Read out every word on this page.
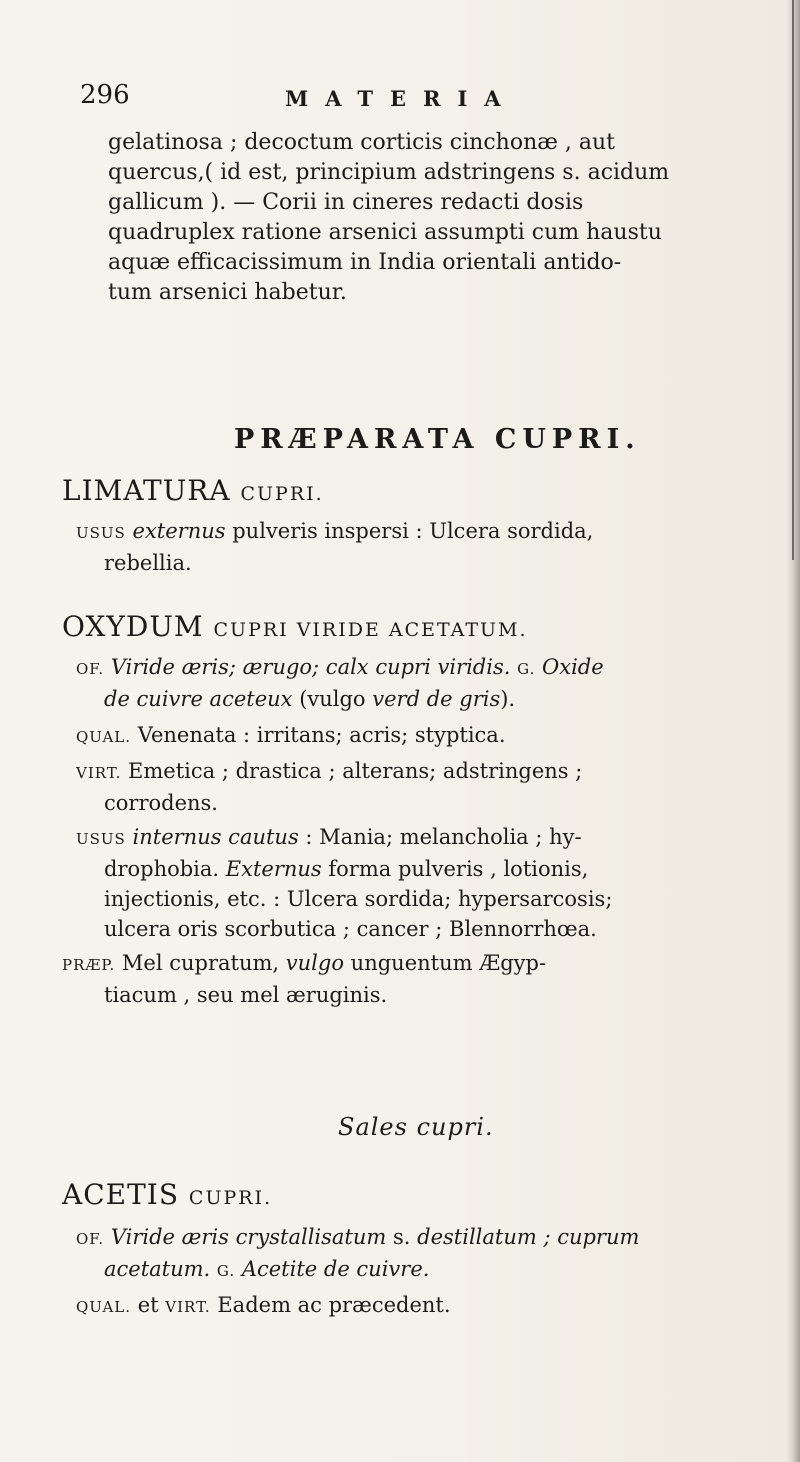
296	MATERIA

gelatinosa ; decoctum corticis cinchonæ , aut
quercus,( id est, principium adstringens s. acidum
gallicum ). — Corii in cineres redacti dosis
quadruplex ratione arsenici assumpti cum haustu
aquæ efficacissimum in India orientali antido-
tum arsenici habetur.

PRÆPARATA CUPRI.
LIMATURA CUPRI.
USUS externus pulveris inspersi : Ulcera sordida,
rebellia.
OXYDUM CUPRI VIRIDE ACETATUM.
OF. Viride æris; ærugo; calx cupri viridis. G. Oxide
de cuivre aceteux (vulgo verd de gris).
QUAL. Venenata : irritans; acris; styptica.
VIRT. Emetica ; drastica ; alterans; adstringens ;
corrodens.
USUS internus cautus : Mania; melancholia ; hy-
drophobia. Externus forma pulveris , lotionis,
injectionis, etc. : Ulcera sordida; hypersarcosis;
ulcera oris scorbutica ; cancer ; Blennorrhœa.
PRÆP. Mel cupratum, vulgo unguentum Ægyp-
tiacum , seu mel æruginis.
Sales cupri.
ACETIS CUPRI.
OF. Viride æris crystallisatum s. destillatum ; cuprum
acetatum. G. Acetite de cuivre.
QUAL. et VIRT. Eadem ac præcedent.
